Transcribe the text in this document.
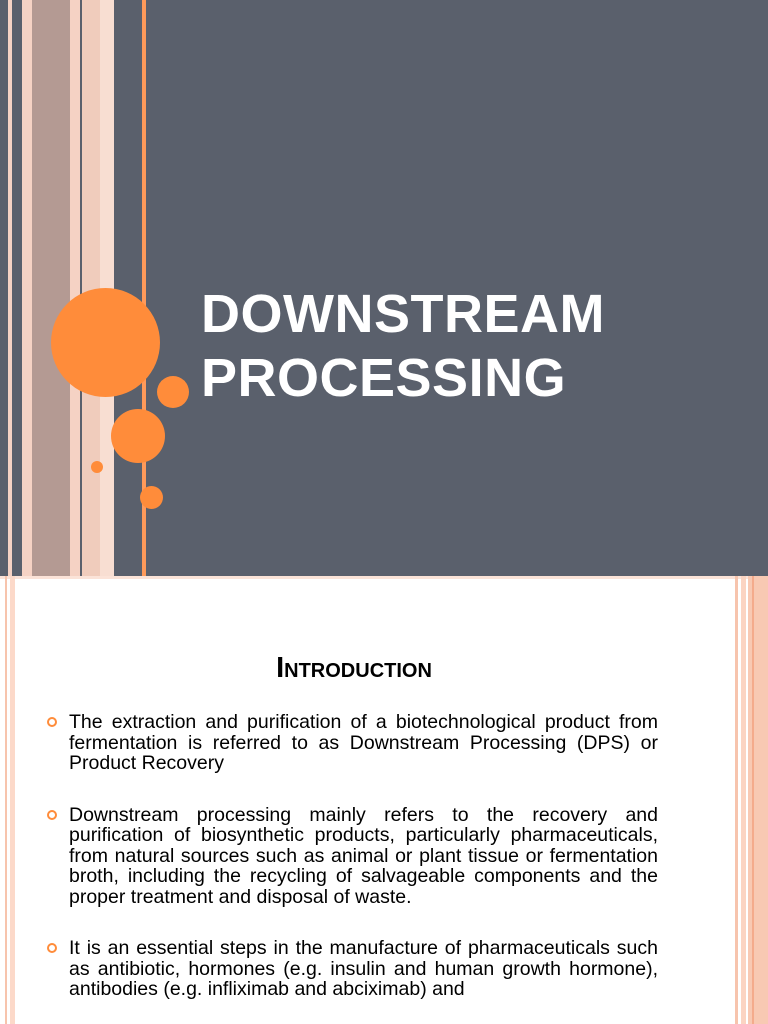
DOWNSTREAM
PROCESSING
INTRODUCTION
The extraction and purification of a biotechnological product from fermentation is referred to as Downstream Processing (DPS) or Product Recovery
Downstream processing mainly refers to the recovery and purification of biosynthetic products, particularly pharmaceuticals, from natural sources such as animal or plant tissue or fermentation broth, including the recycling of salvageable components and the proper treatment and disposal of waste.
It is an essential steps in the manufacture of pharmaceuticals such as antibiotic, hormones (e.g. insulin and human growth hormone), antibodies (e.g. infliximab and abciximab) and
